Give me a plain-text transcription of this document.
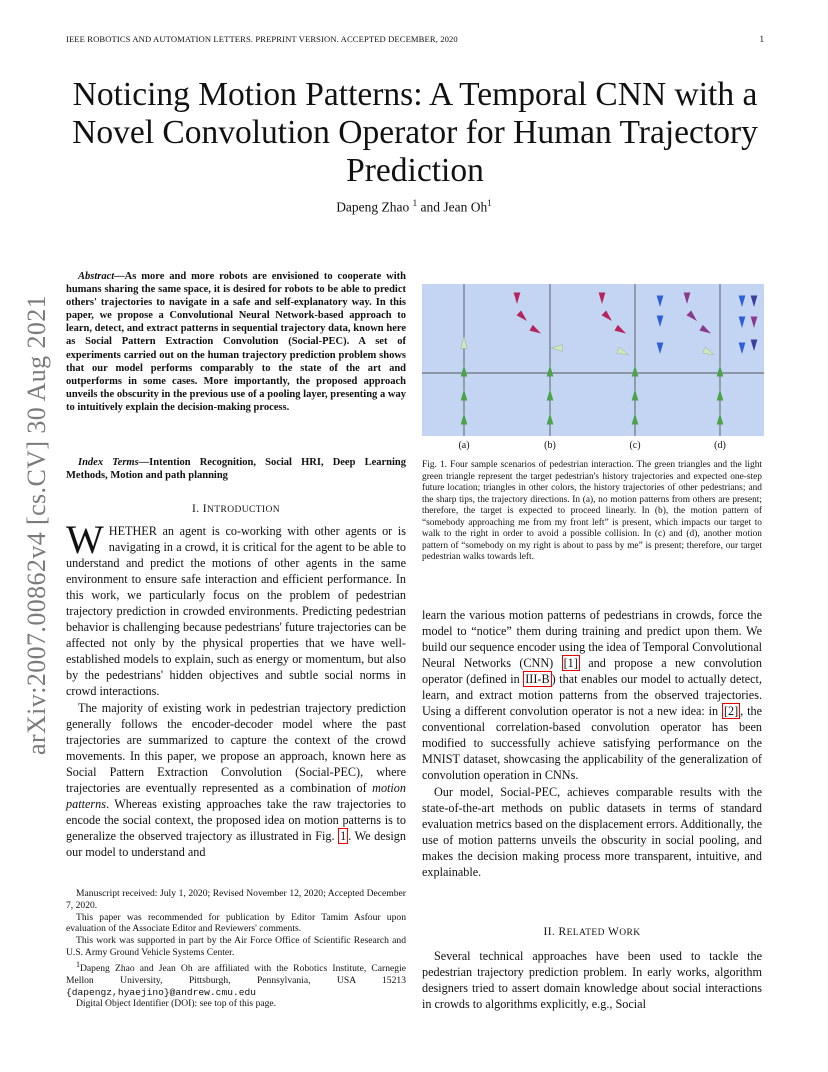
IEEE ROBOTICS AND AUTOMATION LETTERS. PREPRINT VERSION. ACCEPTED DECEMBER, 2020	1
Noticing Motion Patterns: A Temporal CNN with a Novel Convolution Operator for Human Trajectory Prediction
Dapeng Zhao $^1$ and Jean Oh$^1$
arXiv:2007.00862v4 [cs.CV] 30 Aug 2021

Abstract—As more and more robots are envisioned to cooperate with humans sharing the same space, it is desired for robots to be able to predict others' trajectories to navigate in a safe and self-explanatory way. In this paper, we propose a Convolutional Neural Network-based approach to learn, detect, and extract patterns in sequential trajectory data, known here as Social Pattern Extraction Convolution (Social-PEC). A set of experiments carried out on the human trajectory prediction problem shows that our model performs comparably to the state of the art and outperforms in some cases. More importantly, the proposed approach unveils the obscurity in the previous use of a pooling layer, presenting a way to intuitively explain the decision-making process.

Index Terms—Intention Recognition, Social HRI, Deep Learning Methods, Motion and path planning

I. INTRODUCTION

WHETHER an agent is co-working with other agents or is navigating in a crowd, it is critical for the agent to be able to understand and predict the motions of other agents in the same environment to ensure safe interaction and efficient performance. In this work, we particularly focus on the problem of pedestrian trajectory prediction in crowded environments. Predicting pedestrian behavior is challenging because pedestrians' future trajectories can be affected not only by the physical properties that we have well-established models to explain, such as energy or momentum, but also by the pedestrians' hidden objectives and subtle social norms in crowd interactions.

The majority of existing work in pedestrian trajectory prediction generally follows the encoder-decoder model where the past trajectories are summarized to capture the context of the crowd movements. In this paper, we propose an approach, known here as Social Pattern Extraction Convolution (Social-PEC), where trajectories are eventually represented as a combination of motion patterns. Whereas existing approaches take the raw trajectories to encode the social context, the proposed idea on motion patterns is to generalize the observed trajectory as illustrated in Fig. 1 . We design our model to understand and

Manuscript received: July 1, 2020; Revised November 12, 2020; Accepted December 7, 2020.

This paper was recommended for publication by Editor Tamim Asfour upon evaluation of the Associate Editor and Reviewers' comments.

This work was supported in part by the Air Force Office of Scientific Research and U.S. Army Ground Vehicle Systems Center.

$^1$Dapeng Zhao and Jean Oh are affiliated with the Robotics Institute, Carnegie Mellon University, Pittsburgh, Pennsylvania, USA 15213 {dapengz,hyaejino}@andrew.cmu.edu

Digital Object Identifier (DOI): see top of this page.

(a)	(b)	(c)	(d)
Fig. 1. Four sample scenarios of pedestrian interaction. The green triangles and the light green triangle represent the target pedestrian's history trajectories and expected one-step future location; triangles in other colors, the history trajectories of other pedestrians; and the sharp tips, the trajectory directions. In (a), no motion patterns from others are present; therefore, the target is expected to proceed linearly. In (b), the motion pattern of “somebody approaching me from my front left” is present, which impacts our target to walk to the right in order to avoid a possible collision. In (c) and (d), another motion pattern of “somebody on my right is about to pass by me” is present; therefore, our target pedestrian walks towards left.

learn the various motion patterns of pedestrians in crowds, force the model to “notice” them during training and predict upon them. We build our sequence encoder using the idea of Temporal Convolutional Neural Networks (CNN) [1] and propose a new convolution operator (defined in III-B ) that enables our model to actually detect, learn, and extract motion patterns from the observed trajectories. Using a different convolution operator is not a new idea: in [2] , the conventional correlation-based convolution operator has been modified to successfully achieve satisfying performance on the MNIST dataset, showcasing the applicability of the generalization of convolution operation in CNNs.

Our model, Social-PEC, achieves comparable results with the state-of-the-art methods on public datasets in terms of standard evaluation metrics based on the displacement errors. Additionally, the use of motion patterns unveils the obscurity in social pooling, and makes the decision making process more transparent, intuitive, and explainable.

II. RELATED WORK

Several technical approaches have been used to tackle the pedestrian trajectory prediction problem. In early works, algorithm designers tried to assert domain knowledge about social interactions in crowds to algorithms explicitly, e.g., Social
